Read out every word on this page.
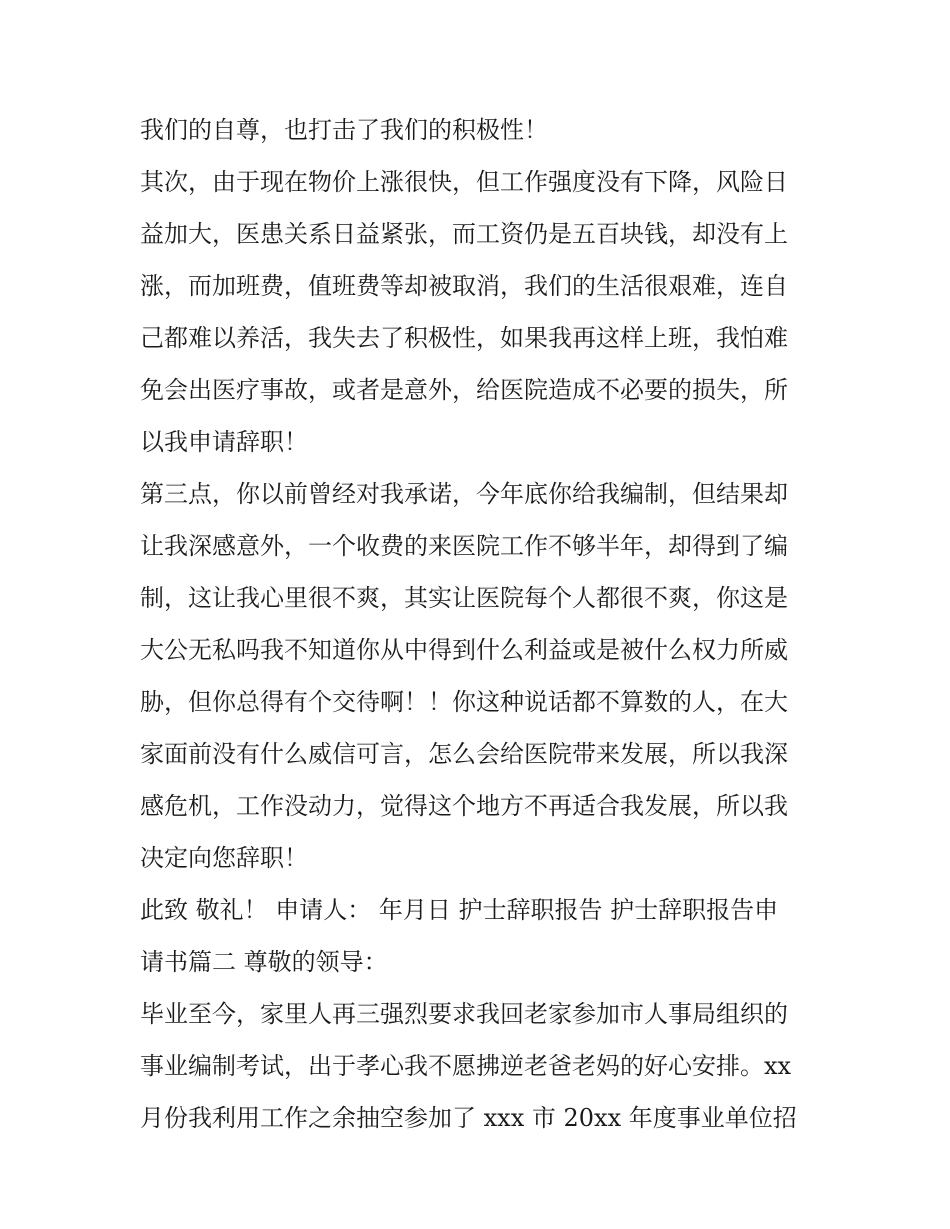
我们的自尊，也打击了我们的积极性！
其次，由于现在物价上涨很快，但工作强度没有下降，风险日
益加大，医患关系日益紧张，而工资仍是五百块钱，却没有上
涨，而加班费，值班费等却被取消，我们的生活很艰难，连自
己都难以养活，我失去了积极性，如果我再这样上班，我怕难
免会出医疗事故，或者是意外，给医院造成不必要的损失，所
以我申请辞职！
第三点，你以前曾经对我承诺，今年底你给我编制，但结果却
让我深感意外，一个收费的来医院工作不够半年，却得到了编
制，这让我心里很不爽，其实让医院每个人都很不爽，你这是
大公无私吗我不知道你从中得到什么利益或是被什么权力所威
胁，但你总得有个交待啊！！你这种说话都不算数的人，在大
家面前没有什么威信可言，怎么会给医院带来发展，所以我深
感危机，工作没动力，觉得这个地方不再适合我发展，所以我
决定向您辞职！
此致 敬礼！ 申请人： 年月日 护士辞职报告 护士辞职报告申
请书篇二 尊敬的领导：
毕业至今，家里人再三强烈要求我回老家参加市人事局组织的
事业编制考试，出于孝心我不愿拂逆老爸老妈的好心安排。xx
月份我利用工作之余抽空参加了 xxx 市 20xx 年度事业单位招
